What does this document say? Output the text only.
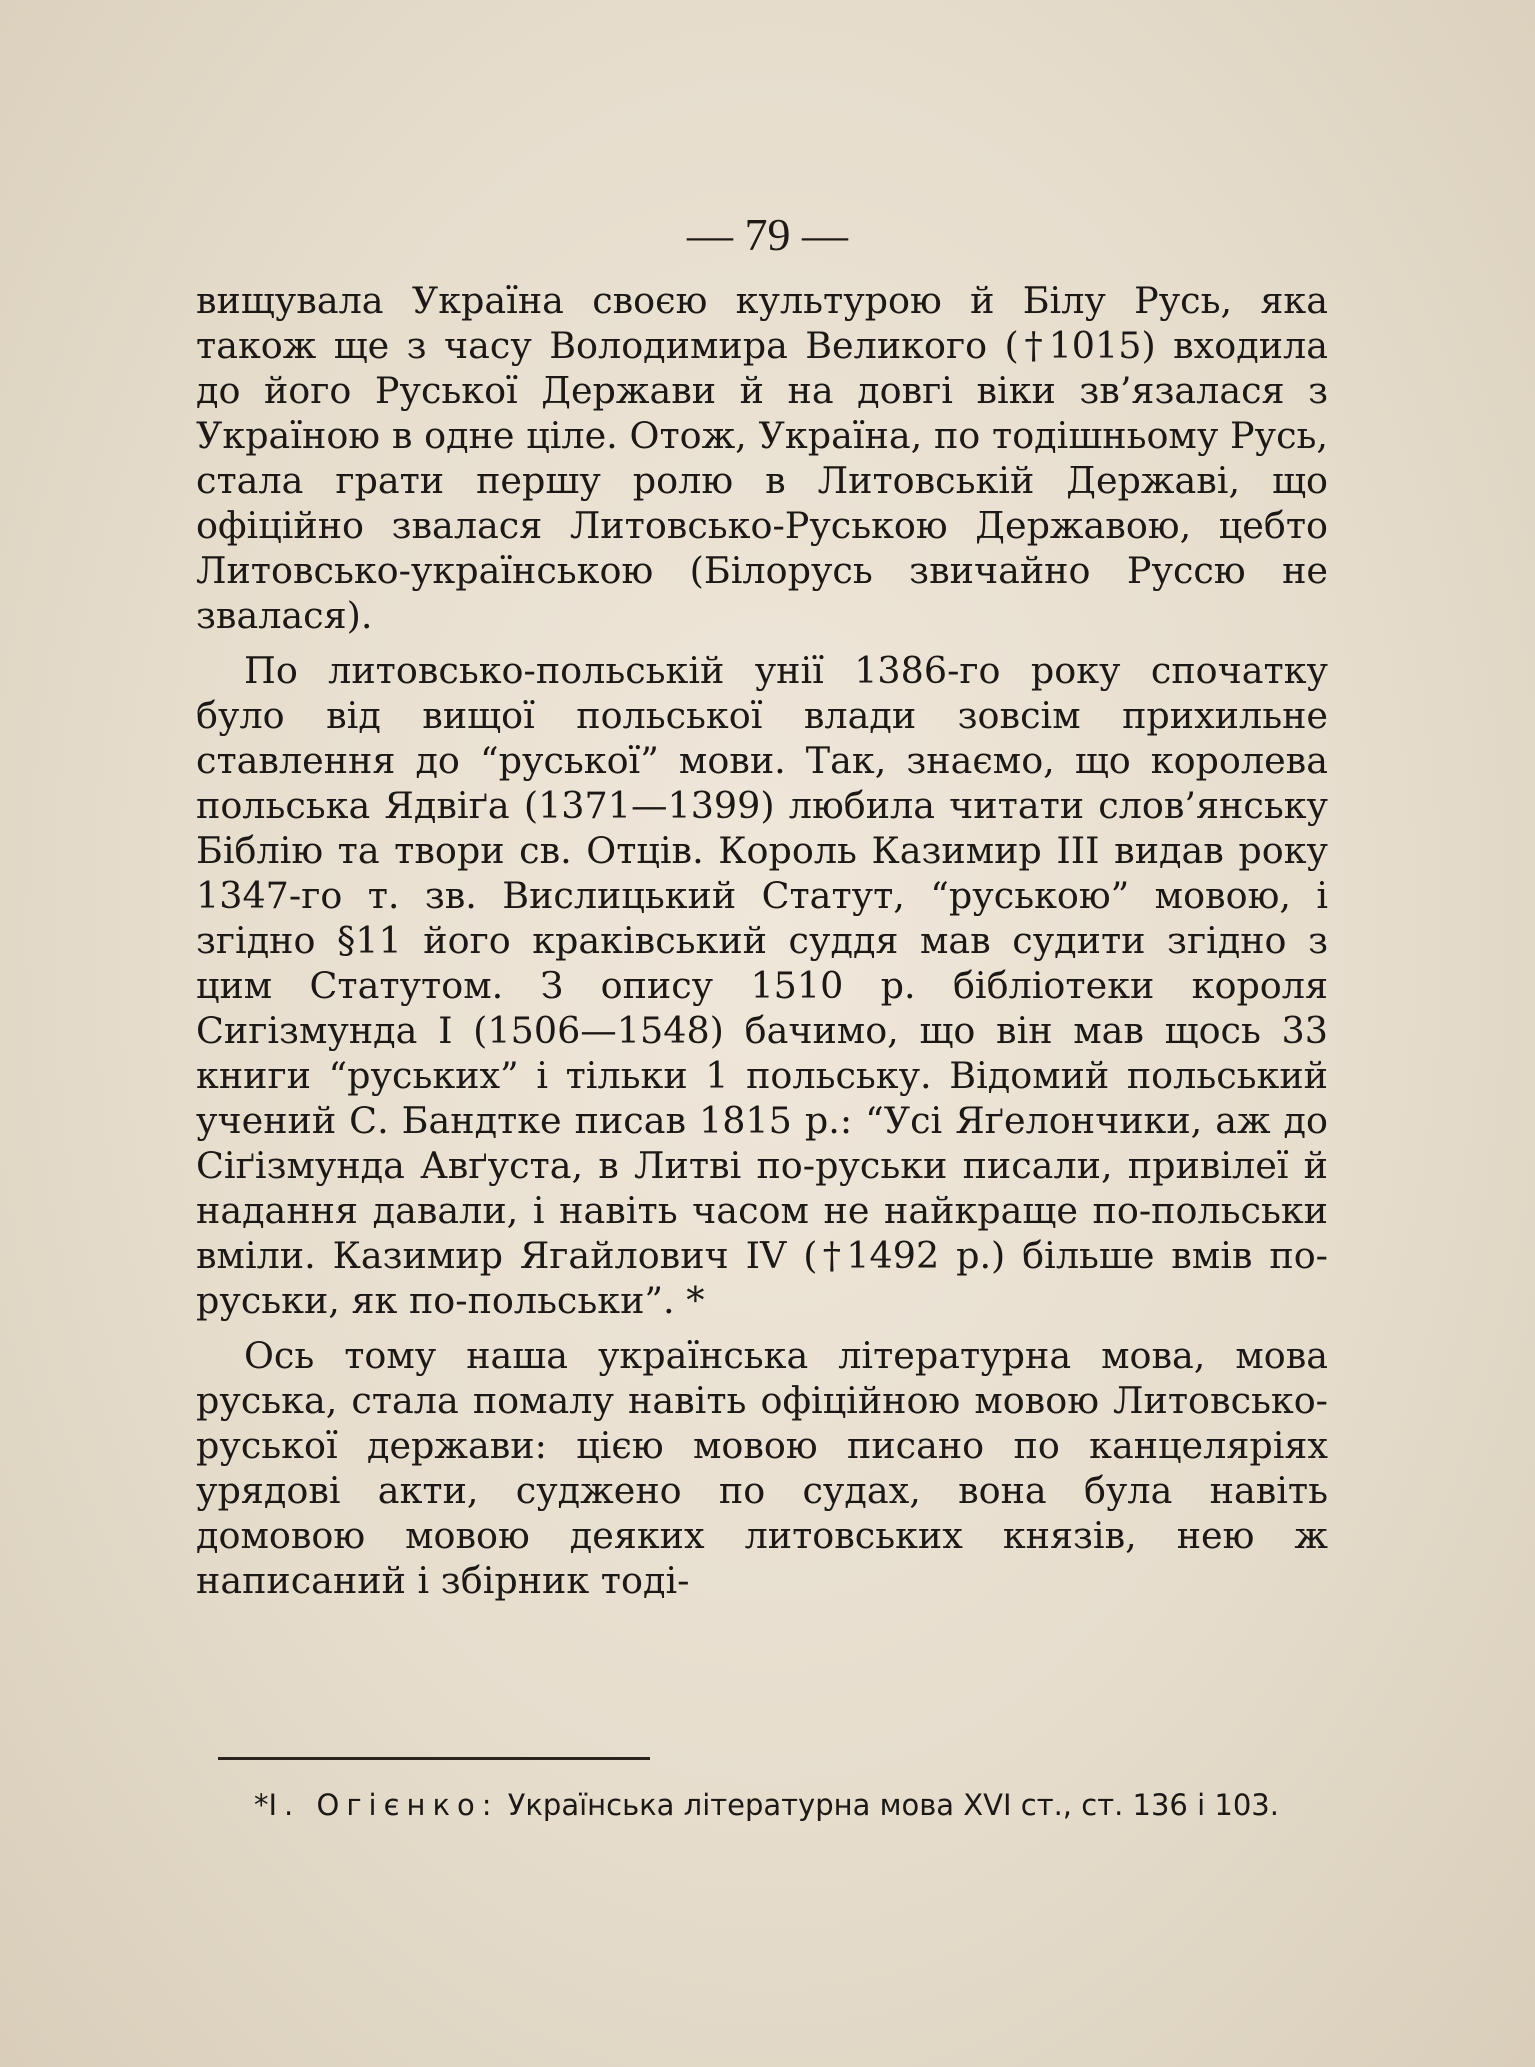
— 79 —

вищувала Україна своєю культурою й Білу Русь, яка також ще з часу Володимира Великого (†1015) входила до його Руської Держави й на довгі віки зв’язалася з Україною в одне ціле. Отож, Україна, по тодішньому Русь, стала грати першу ролю в Литовській Державі, що офіційно звалася Литовсько-Руською Державою, цебто Литовсько-українською (Білорусь звичайно Руссю не звалася).

По литовсько-польській унії 1386-го року спочатку було від вищої польської влади зовсім прихильне ставлення до “руської” мови. Так, знаємо, що королева польська Ядвіґа (1371—1399) любила читати слов’янську Біблію та твори св. Отців. Король Казимир III видав року 1347-го т. зв. Вислицький Статут, “руською” мовою, і згідно §11 його краківський суддя мав судити згідно з цим Статутом. З опису 1510 р. бібліотеки короля Сигізмунда І (1506—1548) бачимо, що він мав щось 33 книги “руських” і тільки 1 польську. Відомий польський учений С. Бандтке писав 1815 р.: “Усі Яґелончики, аж до Сіґізмунда Авґуста, в Литві по-руськи писали, привілеї й надання давали, і навіть часом не найкраще по-польськи вміли. Казимир Ягайлович IV (†1492 р.) більше вмів по-руськи, як по-польськи”. *

Ось тому наша українська літературна мова, мова руська, стала помалу навіть офіційною мовою Литовсько-руської держави: цією мовою писано по канцеляріях урядові акти, суджено по судах, вона була навіть домовою мовою деяких литовських князів, нею ж написаний і збірник тоді-

*І. Огієнко: Українська літературна мова XVI ст., ст. 136 і 103.
